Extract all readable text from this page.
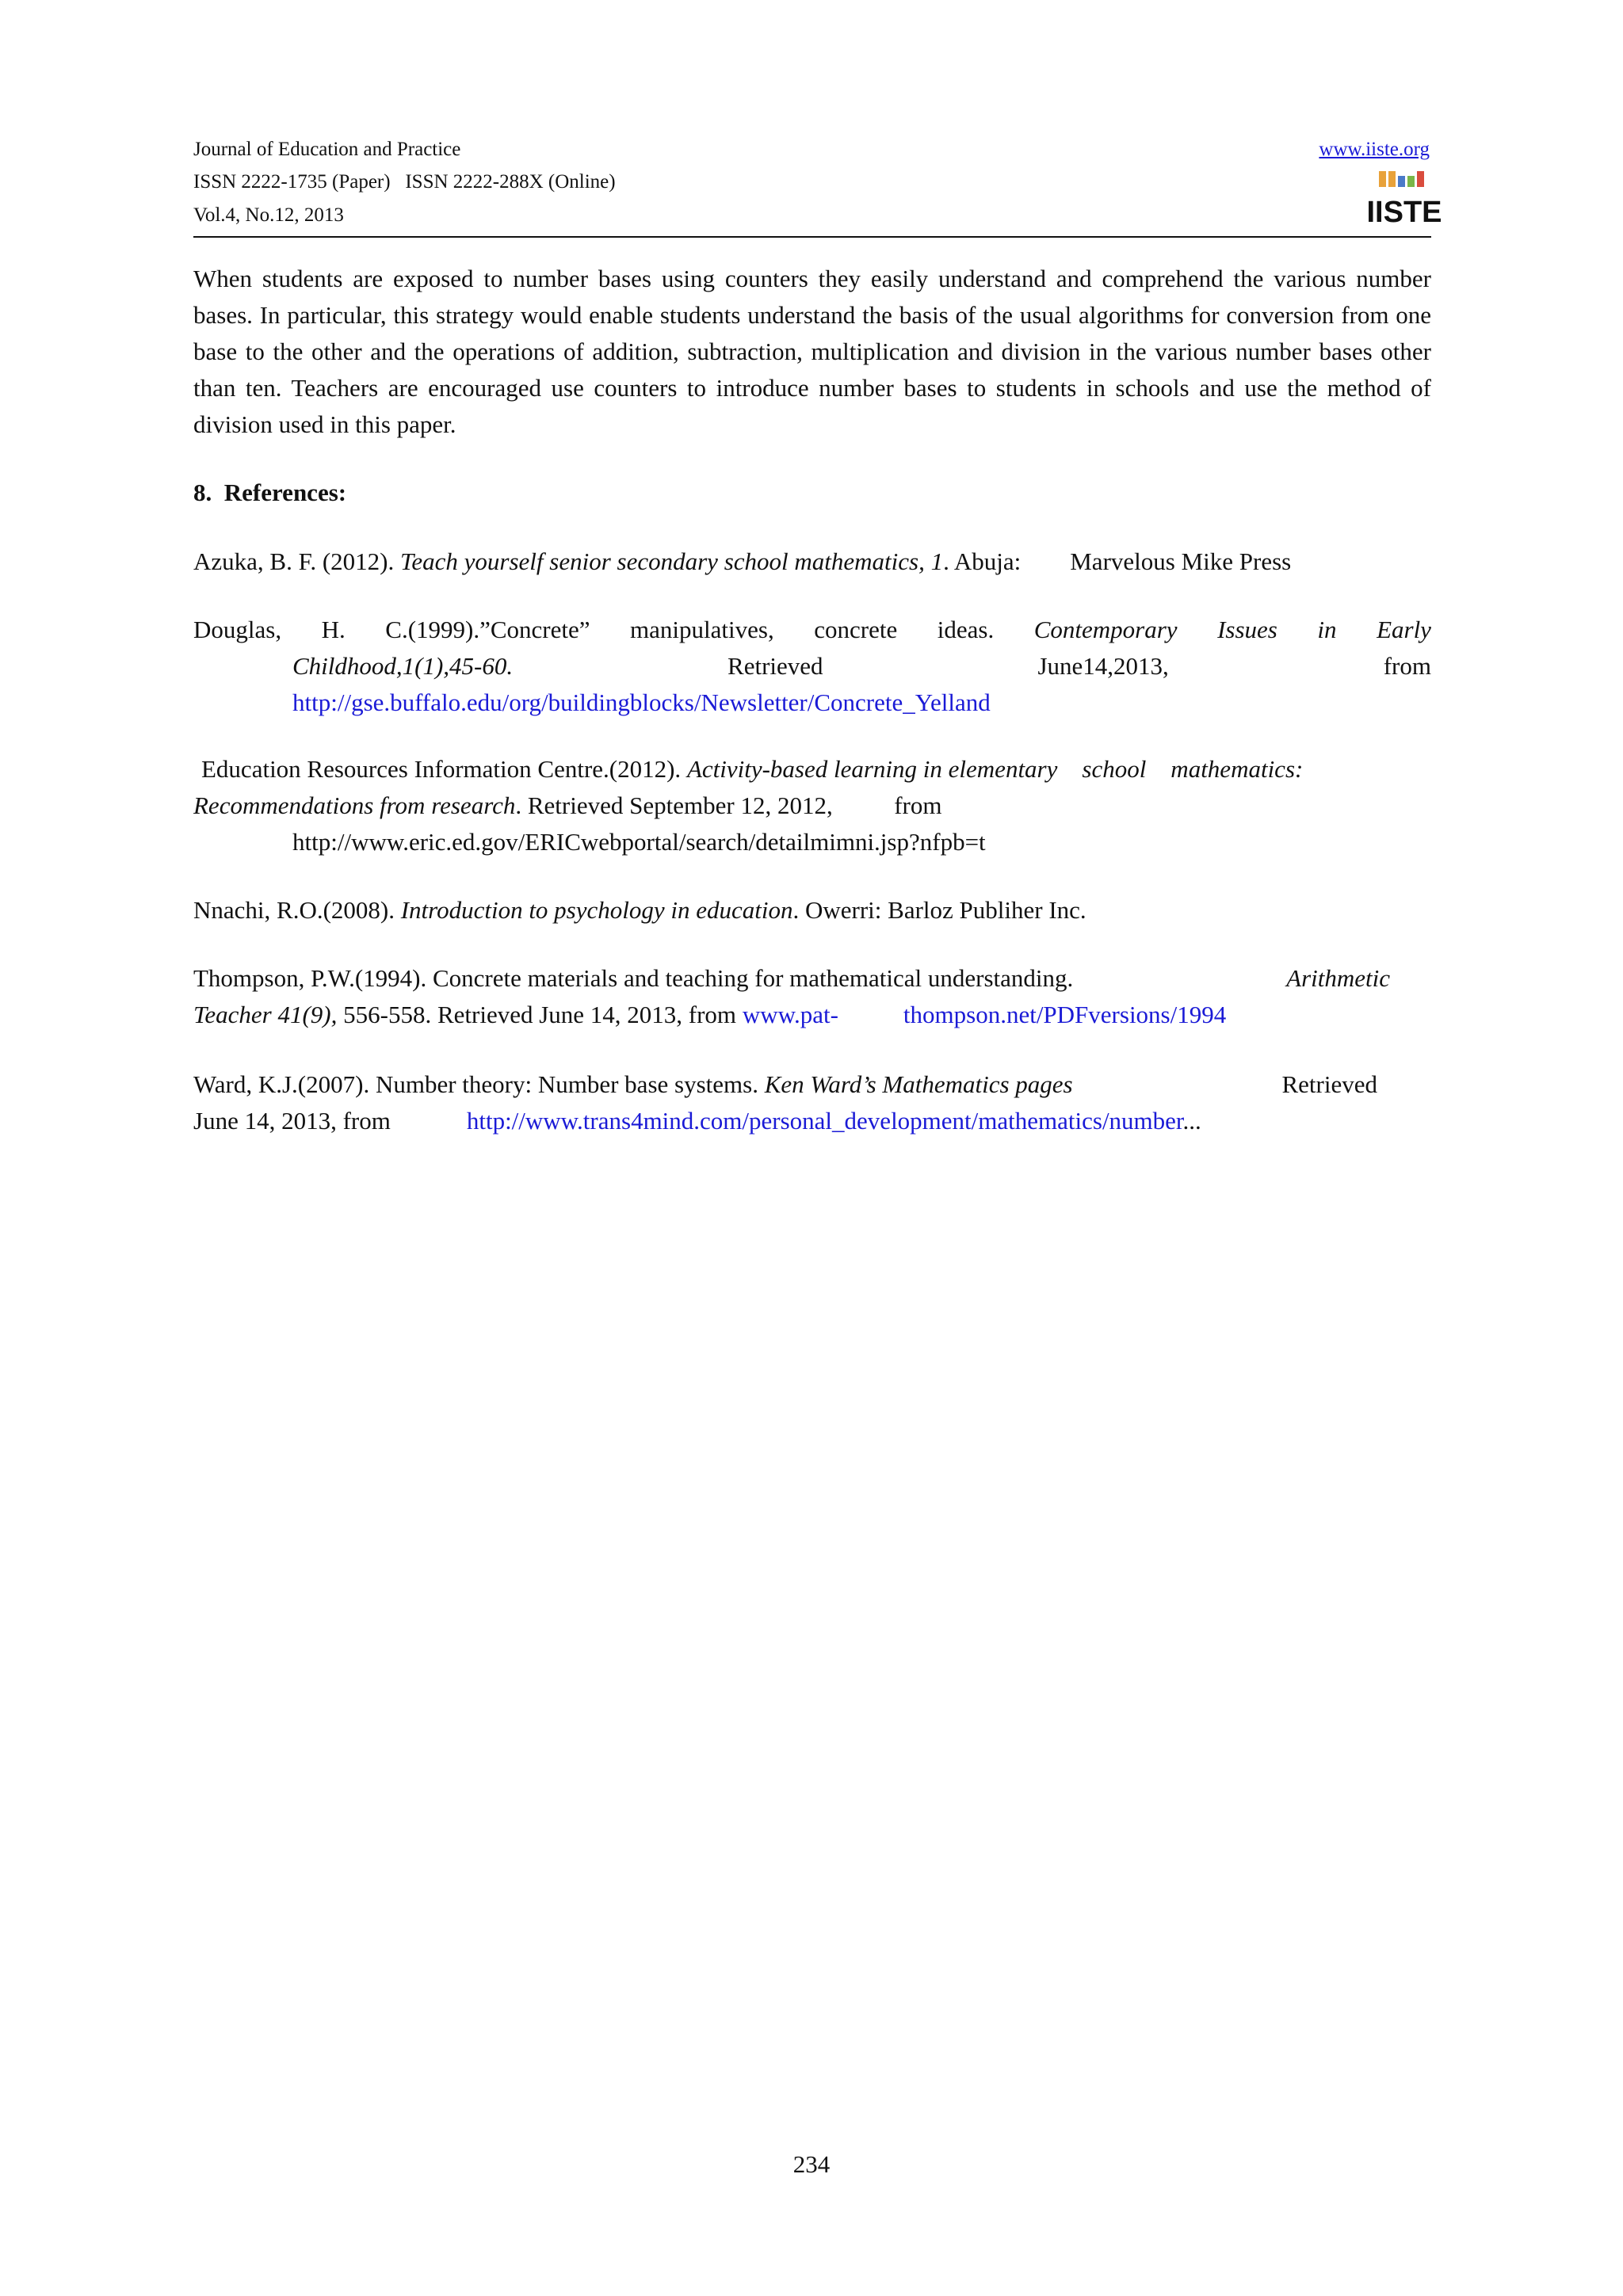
Journal of Education and Practice
ISSN 2222-1735 (Paper)   ISSN 2222-288X (Online)
Vol.4, No.12, 2013
www.iiste.org
IISTE
When students are exposed to number bases using counters they easily understand and comprehend the various number bases. In particular, this strategy would enable students understand the basis of the usual algorithms for conversion from one base to the other and the operations of addition, subtraction, multiplication and division in the various number bases other than ten. Teachers are encouraged use counters to introduce number bases to students in schools and use the method of division used in this paper.
8.  References:
Azuka, B. F. (2012). Teach yourself senior secondary school mathematics, 1. Abuja:        Marvelous Mike Press
Douglas, H. C.(1999).”Concrete” manipulatives, concrete ideas. Contemporary Issues in Early
Childhood,1(1),45-60.	Retrieved	June14,2013,	from
http://gse.buffalo.edu/org/buildingblocks/Newsletter/Concrete_Yelland
Education Resources Information Centre.(2012). Activity-based learning in elementary    school    mathematics:
Recommendations from research. Retrieved September 12, 2012,          from
http://www.eric.ed.gov/ERICwebportal/search/detailmimni.jsp?nfpb=t
Nnachi, R.O.(2008). Introduction to psychology in education. Owerri: Barloz Publiher Inc.
Thompson, P.W.(1994). Concrete materials and teaching for mathematical understanding.	Arithmetic
Teacher 41(9), 556-558. Retrieved June 14, 2013, from www.pat-	thompson.net/PDFversions/1994
Ward, K.J.(2007). Number theory: Number base systems. Ken Ward’s Mathematics pages	Retrieved
June 14, 2013, from	http://www.trans4mind.com/personal_development/mathematics/number...
234
